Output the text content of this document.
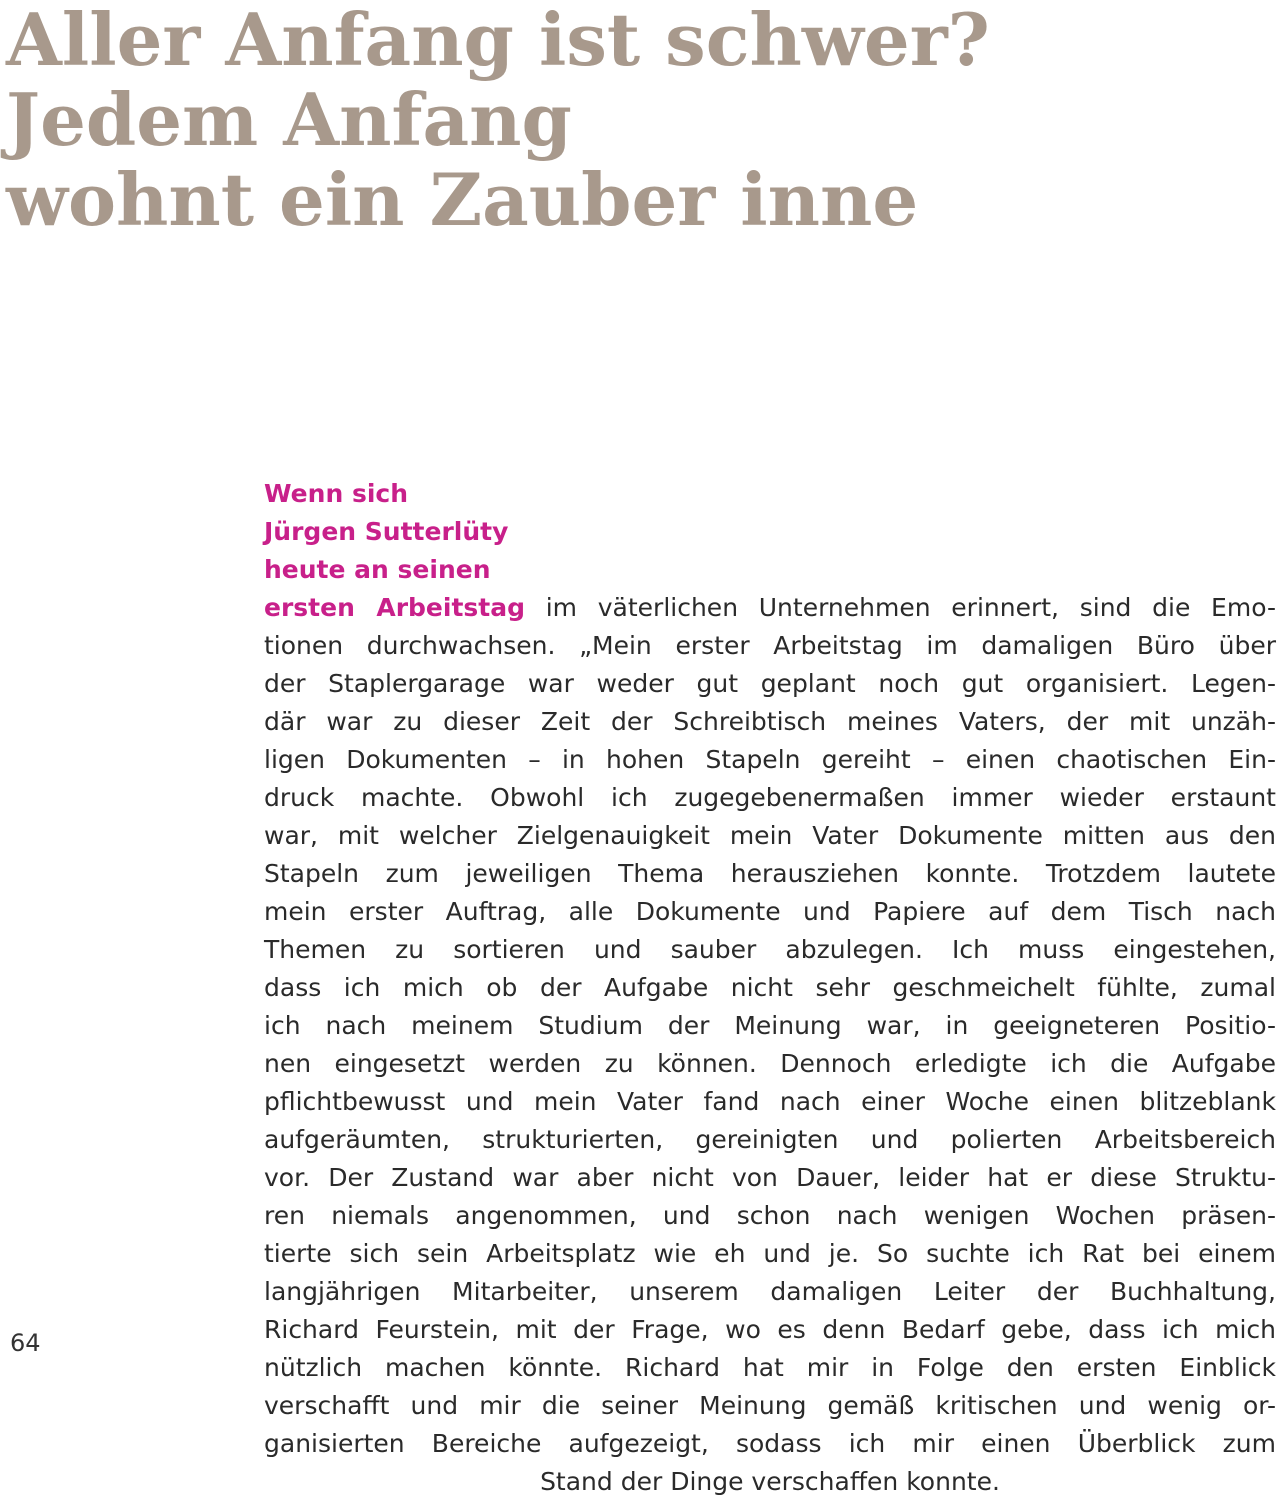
Aller Anfang ist schwer?
Jedem Anfang
wohnt ein Zauber inne
64
Wenn sich
Jürgen Sutterlüty
heute an seinen
ersten Arbeitstag im väterlichen Unternehmen erinnert, sind die Emo-
tionen durchwachsen. „Mein erster Arbeitstag im damaligen Büro über
der Staplergarage war weder gut geplant noch gut organisiert. Legen-
där war zu dieser Zeit der Schreibtisch meines Vaters, der mit unzäh-
ligen Dokumenten – in hohen Stapeln gereiht – einen chaotischen Ein-
druck machte. Obwohl ich zugegebenermaßen immer wieder erstaunt
war, mit welcher Zielgenauigkeit mein Vater Dokumente mitten aus den
Stapeln zum jeweiligen Thema herausziehen konnte. Trotzdem lautete
mein erster Auftrag, alle Dokumente und Papiere auf dem Tisch nach
Themen zu sortieren und sauber abzulegen. Ich muss eingestehen,
dass ich mich ob der Aufgabe nicht sehr geschmeichelt fühlte, zumal
ich nach meinem Studium der Meinung war, in geeigneteren Positio-
nen eingesetzt werden zu können. Dennoch erledigte ich die Aufgabe
pflichtbewusst und mein Vater fand nach einer Woche einen blitzeblank
aufgeräumten, strukturierten, gereinigten und polierten Arbeitsbereich
vor. Der Zustand war aber nicht von Dauer, leider hat er diese Struktu-
ren niemals angenommen, und schon nach wenigen Wochen präsen-
tierte sich sein Arbeitsplatz wie eh und je. So suchte ich Rat bei einem
langjährigen Mitarbeiter, unserem damaligen Leiter der Buchhaltung,
Richard Feurstein, mit der Frage, wo es denn Bedarf gebe, dass ich mich
nützlich machen könnte. Richard hat mir in Folge den ersten Einblick
verschafft und mir die seiner Meinung gemäß kritischen und wenig or-
ganisierten Bereiche aufgezeigt, sodass ich mir einen Überblick zum
Stand der Dinge verschaffen konnte.
